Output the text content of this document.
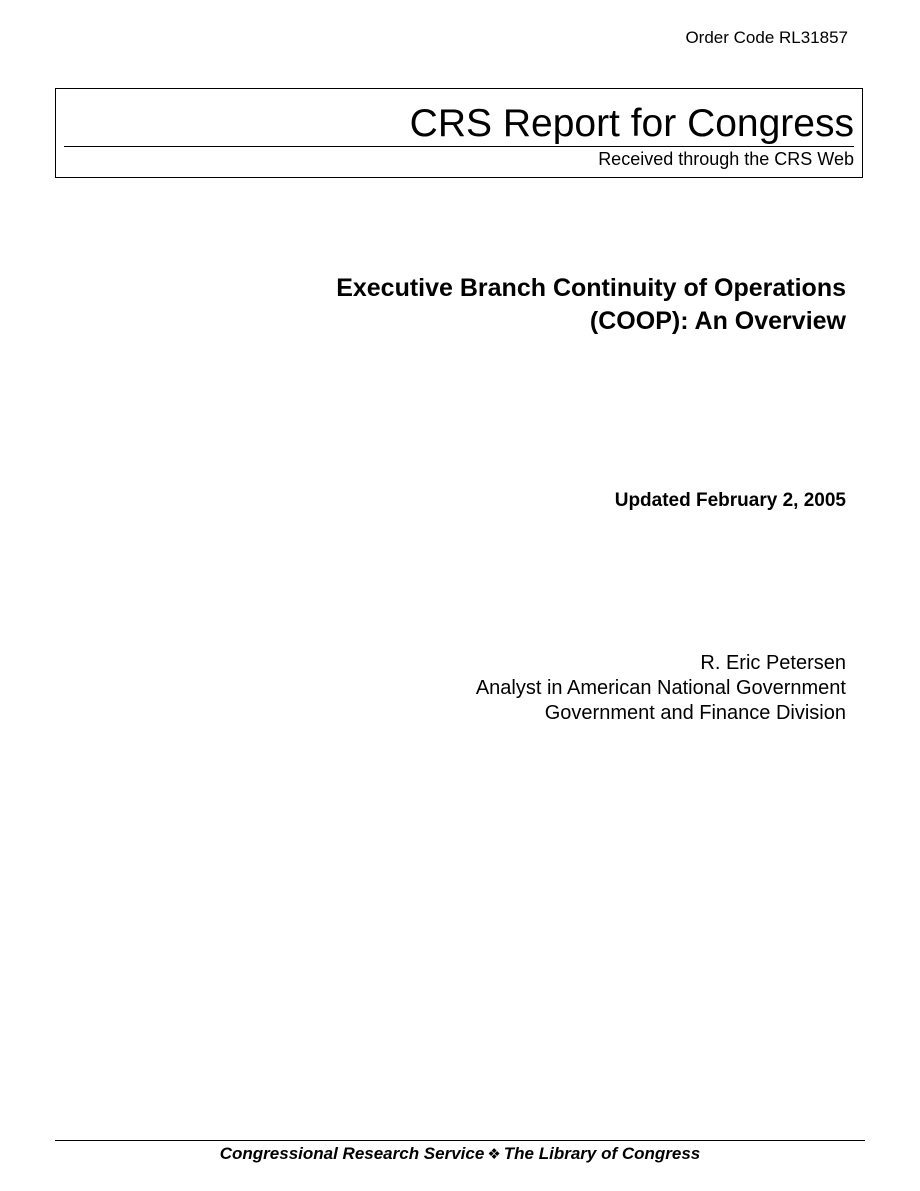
Order Code RL31857
CRS Report for Congress
Received through the CRS Web
Executive Branch Continuity of Operations
(COOP): An Overview
Updated February 2, 2005
R. Eric Petersen
Analyst in American National Government
Government and Finance Division
Congressional Research Service ❖ The Library of Congress
